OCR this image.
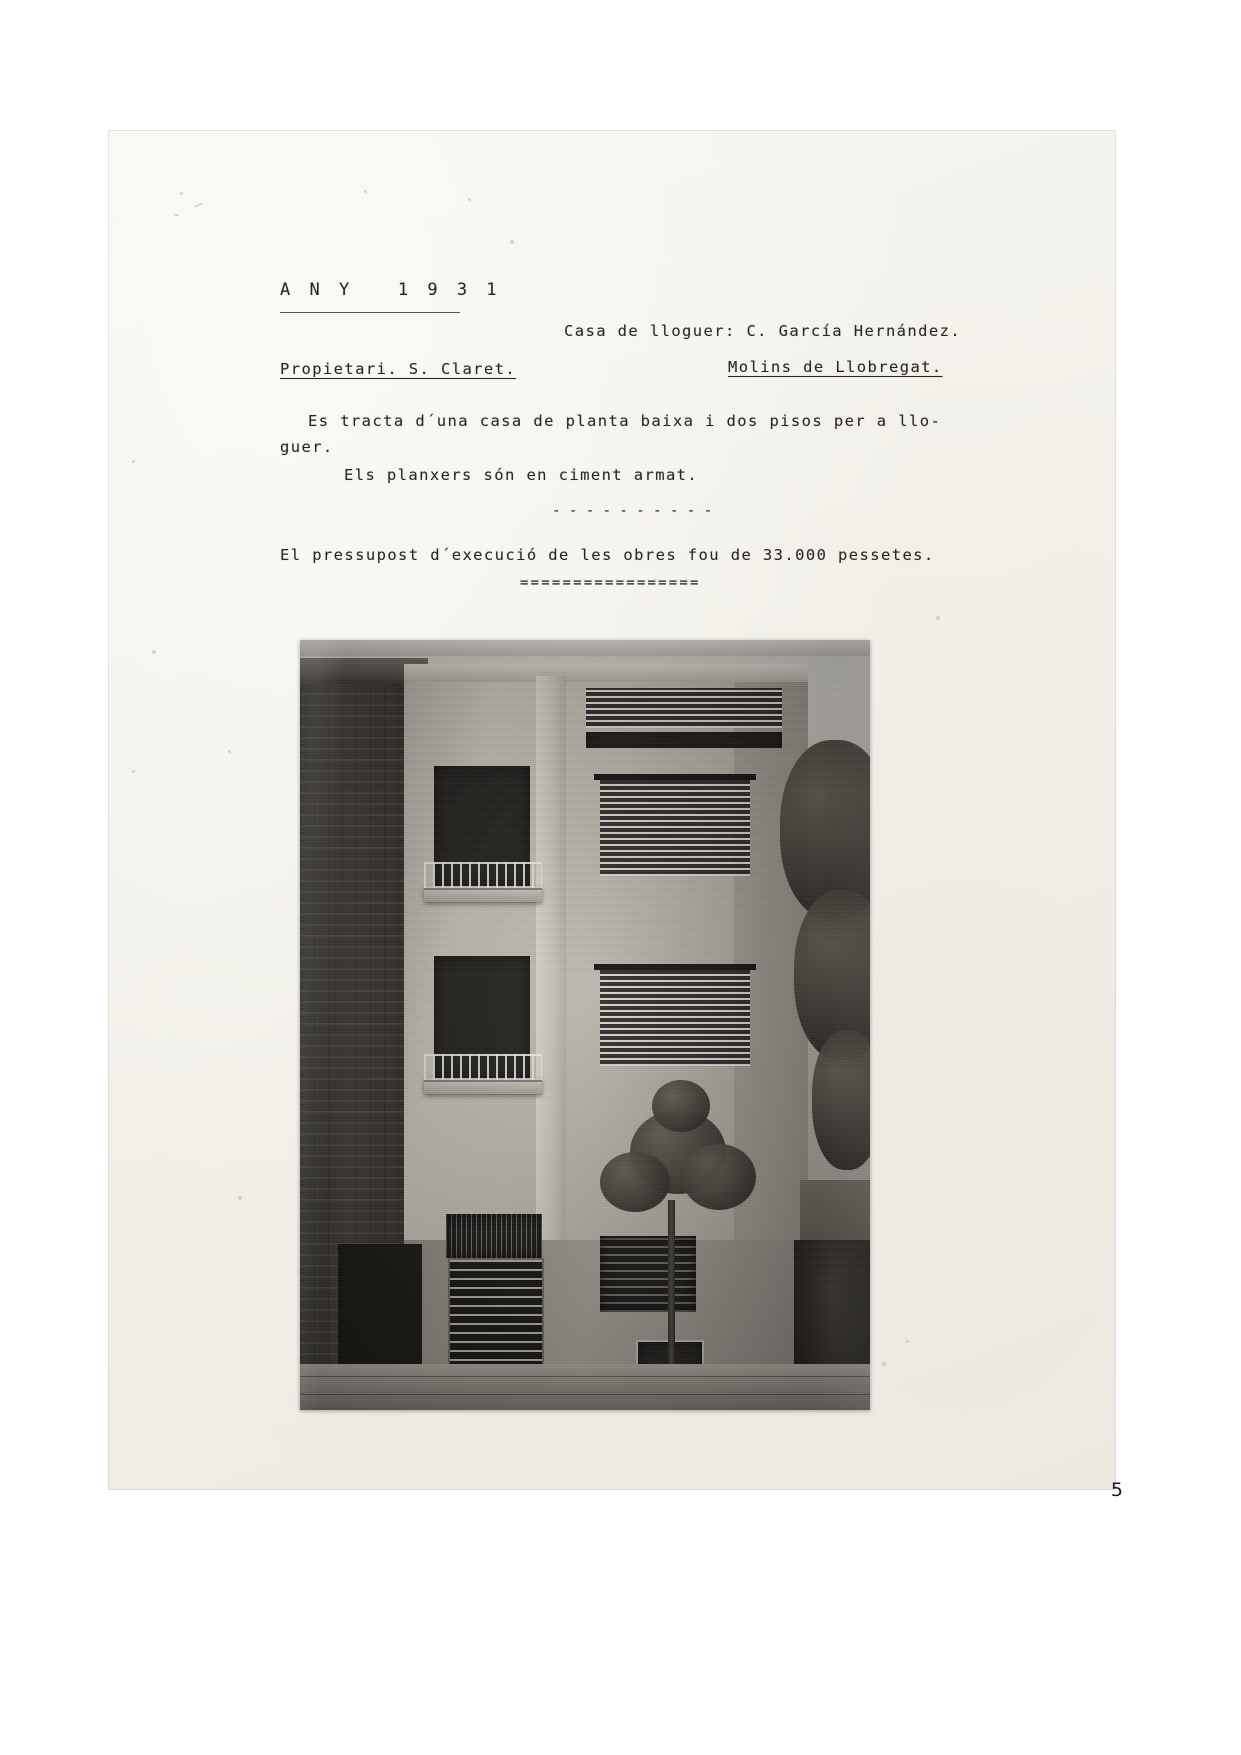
A N Y   1 9 3 1
Casa de lloguer: C. García Hernández.
Propietari. S. Claret.	Molins de Llobregat.
Es tracta d´una casa de planta baixa i dos pisos per a llo-
guer.
Els planxers són en ciment armat.
- - - - - - - - - -
El pressupost d´execució de les obres fou de 33.000 pessetes.
=================
5
